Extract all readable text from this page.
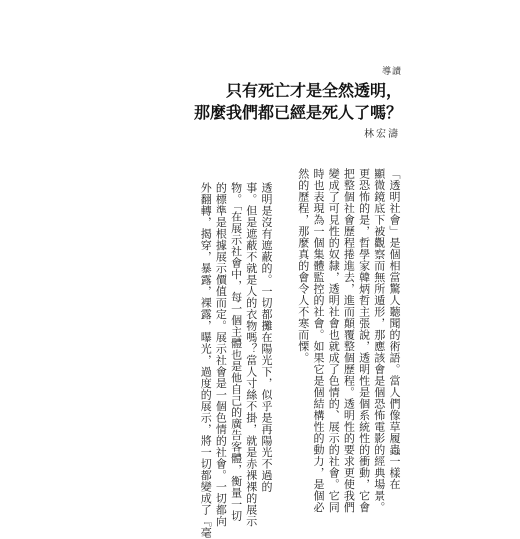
導讀
只有死亡才是全然透明，
那麼我們都已經是死人了嗎？
林宏濤
「透明社會」是個相當驚人聽聞的術語。當人們像草履蟲一樣在
顯微鏡底下被觀察而無所遁形，那應該會是個恐怖電影的經典場景。
更恐怖的是，哲學家韓炳哲主張說，透明性是個系統性的衝動，它會
把整個社會歷程捲進去，進而顛覆整個歷程。透明性的要求更使我們
變成了可見性的奴隸，透明社會也就成了色情的、展示的社會。它同
時也表現為一個集體監控的社會。如果它是個結構性的動力，是個必
然的歷程，那麼真的會令人不寒而慄。
透明是沒有遮蔽的。一切都攤在陽光下，似乎是再陽光不過的
事。但是遮蔽不就是人的衣物嗎？當人寸絲不掛，就是赤裸裸的展示
物。「在展示社會中，每一個主體也是他自己的廣告客體，衡量一切
的標準是根據展示價值而定。展示社會是一個色情的社會。一切都向
外翻轉，揭穿，暴露，裸露，曝光，過度的展示，將一切都變成了『毫
